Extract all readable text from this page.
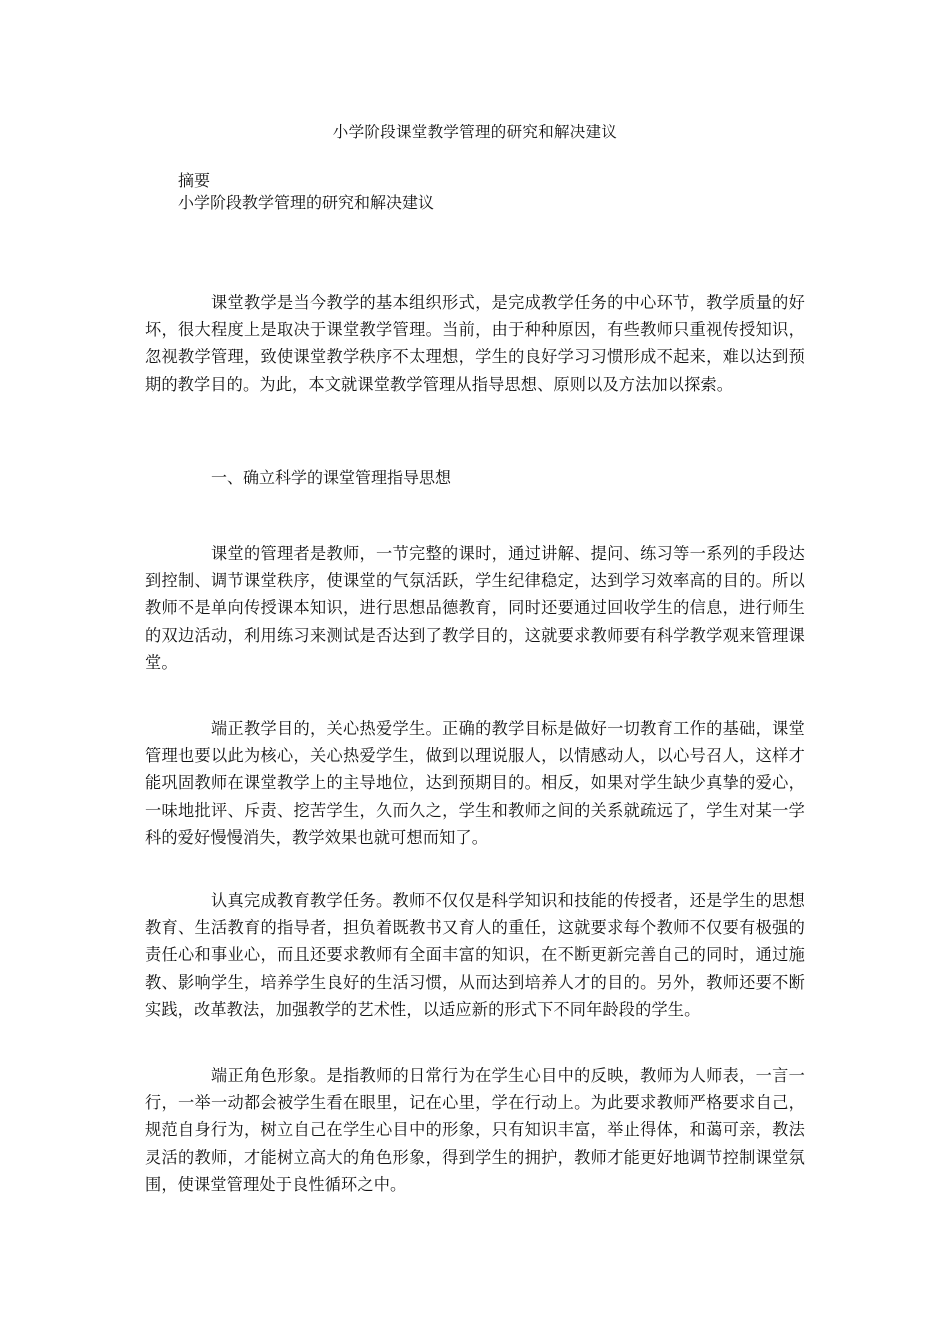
小学阶段课堂教学管理的研究和解决建议
摘要
小学阶段教学管理的研究和解决建议

课堂教学是当今教学的基本组织形式，是完成教学任务的中心环节，教学质量的好坏，很大程度上是取决于课堂教学管理。当前，由于种种原因，有些教师只重视传授知识，忽视教学管理，致使课堂教学秩序不太理想，学生的良好学习习惯形成不起来，难以达到预期的教学目的。为此，本文就课堂教学管理从指导思想、原则以及方法加以探索。

一、确立科学的课堂管理指导思想

课堂的管理者是教师，一节完整的课时，通过讲解、提问、练习等一系列的手段达到控制、调节课堂秩序，使课堂的气氛活跃，学生纪律稳定，达到学习效率高的目的。所以教师不是单向传授课本知识，进行思想品德教育，同时还要通过回收学生的信息，进行师生的双边活动，利用练习来测试是否达到了教学目的，这就要求教师要有科学教学观来管理课堂。

端正教学目的，关心热爱学生。正确的教学目标是做好一切教育工作的基础，课堂管理也要以此为核心，关心热爱学生，做到以理说服人，以情感动人，以心号召人，这样才能巩固教师在课堂教学上的主导地位，达到预期目的。相反，如果对学生缺少真挚的爱心，一味地批评、斥责、挖苦学生，久而久之，学生和教师之间的关系就疏远了，学生对某一学科的爱好慢慢消失，教学效果也就可想而知了。

认真完成教育教学任务。教师不仅仅是科学知识和技能的传授者，还是学生的思想教育、生活教育的指导者，担负着既教书又育人的重任，这就要求每个教师不仅要有极强的责任心和事业心，而且还要求教师有全面丰富的知识，在不断更新完善自己的同时，通过施教、影响学生，培养学生良好的生活习惯，从而达到培养人才的目的。另外，教师还要不断实践，改革教法，加强教学的艺术性，以适应新的形式下不同年龄段的学生。

端正角色形象。是指教师的日常行为在学生心目中的反映，教师为人师表，一言一行，一举一动都会被学生看在眼里，记在心里，学在行动上。为此要求教师严格要求自己，规范自身行为，树立自己在学生心目中的形象，只有知识丰富，举止得体，和蔼可亲，教法灵活的教师，才能树立高大的角色形象，得到学生的拥护，教师才能更好地调节控制课堂氛围，使课堂管理处于良性循环之中。
